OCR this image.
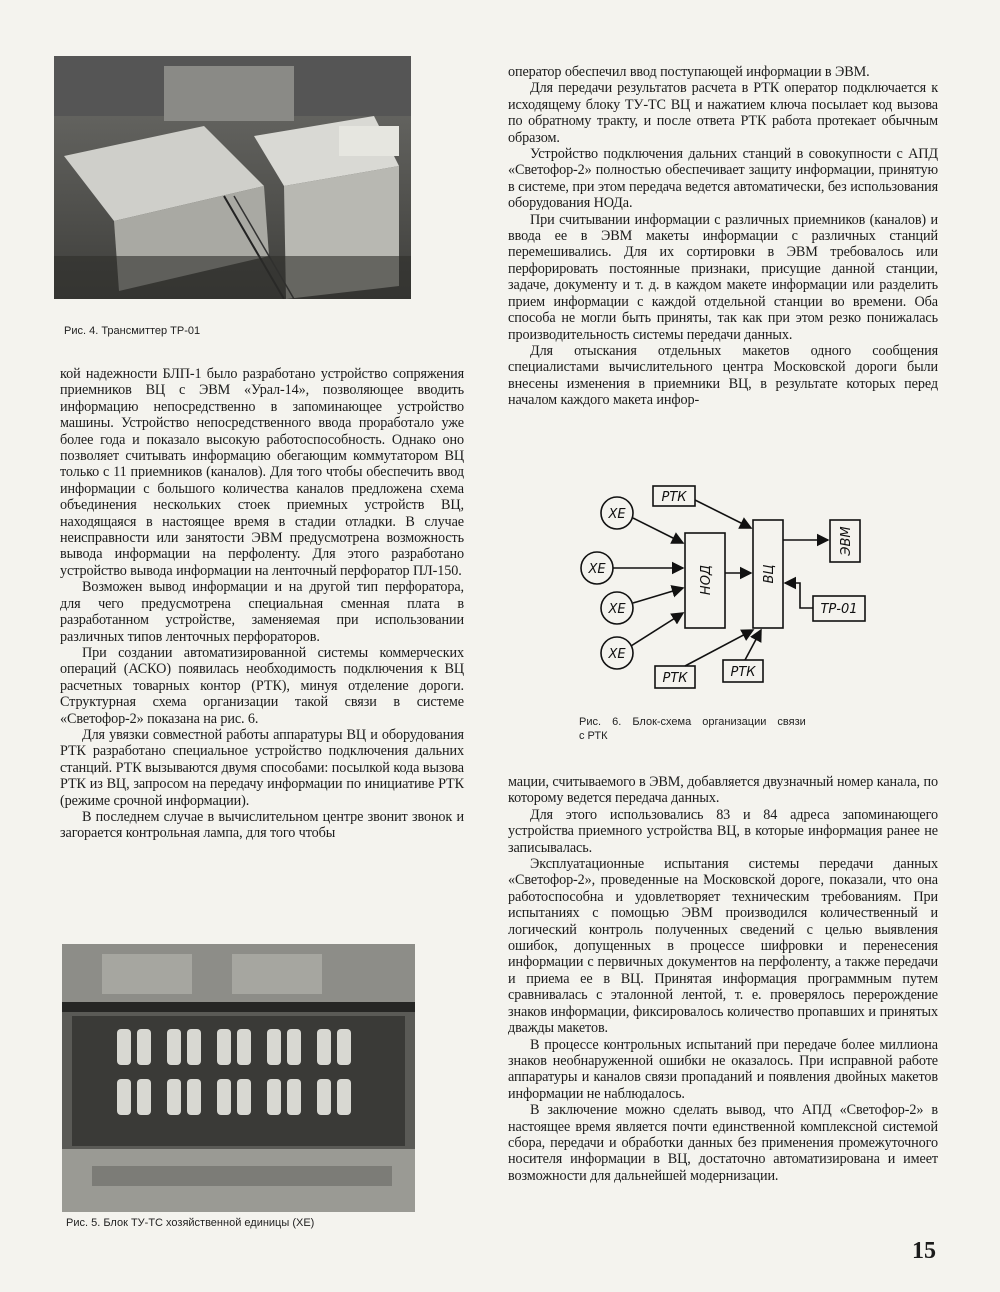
Рис. 4. Трансмиттер ТР-01

кой надежности БЛП-1 было разработано устройство сопряжения приемников ВЦ с ЭВМ «Урал-14», позволяющее вводить информацию непосредственно в запоминающее устройство машины. Устройство непосредственного ввода проработало уже более года и показало высокую работоспособность. Однако оно позволяет считывать информацию обегающим коммутатором ВЦ только с 11 приемников (каналов). Для того чтобы обеспечить ввод информации с большого количества каналов предложена схема объединения нескольких стоек приемных устройств ВЦ, находящаяся в настоящее время в стадии отладки. В случае неисправности или занятости ЭВМ предусмотрена возможность вывода информации на перфоленту. Для этого разработано устройство вывода информации на ленточный перфоратор ПЛ-150.

Возможен вывод информации и на другой тип перфоратора, для чего предусмотрена специальная сменная плата в разработанном устройстве, заменяемая при использовании различных типов ленточных перфораторов.

При создании автоматизированной системы коммерческих операций (АСКО) появилась необходимость подключения к ВЦ расчетных товарных контор (РТК), минуя отделение дороги. Структурная схема организации такой связи в системе «Светофор-2» показана на рис. 6.

Для увязки совместной работы аппаратуры ВЦ и оборудования РТК разработано специальное устройство подключения дальних станций. РТК вызываются двумя способами: посылкой кода вызова РТК из ВЦ, запросом на передачу информации по инициативе РТК (режиме срочной информации).

В последнем случае в вычислительном центре звонит звонок и загорается контрольная лампа, для того чтобы

Рис. 5. Блок ТУ-ТС хозяйственной единицы (ХЕ)

оператор обеспечил ввод поступающей информации в ЭВМ.

Для передачи результатов расчета в РТК оператор подключается к исходящему блоку ТУ-ТС ВЦ и нажатием ключа посылает код вызова по обратному тракту, и после ответа РТК работа протекает обычным образом.

Устройство подключения дальних станций в совокупности с АПД «Светофор-2» полностью обеспечивает защиту информации, принятую в системе, при этом передача ведется автоматически, без использования оборудования НОДа.

При считывании информации с различных приемников (каналов) и ввода ее в ЭВМ макеты информации с различных станций перемешивались. Для их сортировки в ЭВМ требовалось или перфорировать постоянные признаки, присущие данной станции, задаче, документу и т. д. в каждом макете информации или разделить прием информации с каждой отдельной станции во времени. Оба способа не могли быть приняты, так как при этом резко понижалась производительность системы передачи данных.

Для отыскания отдельных макетов одного сообщения специалистами вычислительного центра Московской дороги были внесены изменения в приемники ВЦ, в результате которых перед началом каждого макета инфор-

ХЕ
ХЕ
ХЕ
ХЕ
РТК
РТК	РТК
ТР-01
НОД	ВЦ
ЭВМ
Рис. 6. Блок-схема организации связи
с РТК

мации, считываемого в ЭВМ, добавляется двузначный номер канала, по которому ведется передача данных.

Для этого использовались 83 и 84 адреса запоминающего устройства приемного устройства ВЦ, в которые информация ранее не записывалась.

Эксплуатационные испытания системы передачи данных «Светофор-2», проведенные на Московской дороге, показали, что она работоспособна и удовлетворяет техническим требованиям. При испытаниях с помощью ЭВМ производился количественный и логический контроль полученных сведений с целью выявления ошибок, допущенных в процессе шифровки и перенесения информации с первичных документов на перфоленту, а также передачи и приема ее в ВЦ. Принятая информация программным путем сравнивалась с эталонной лентой, т. е. проверялось перерождение знаков информации, фиксировалось количество пропавших и принятых дважды макетов.

В процессе контрольных испытаний при передаче более миллиона знаков необнаруженной ошибки не оказалось. При исправной работе аппаратуры и каналов связи пропаданий и появления двойных макетов информации не наблюдалось.

В заключение можно сделать вывод, что АПД «Светофор-2» в настоящее время является почти единственной комплексной системой сбора, передачи и обработки данных без применения промежуточного носителя информации в ВЦ, достаточно автоматизирована и имеет возможности для дальнейшей модернизации.

15
